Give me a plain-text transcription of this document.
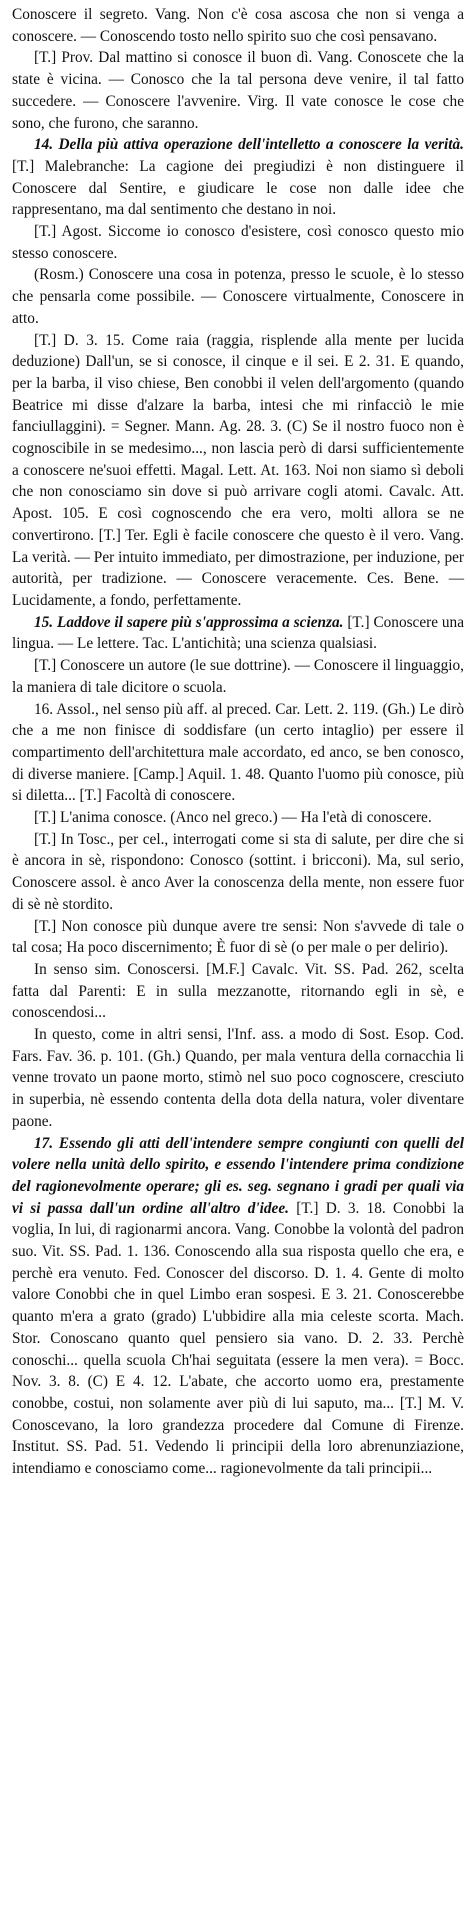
Conoscere il segreto. Vang. Non c'è cosa ascosa che non si venga a conoscere. — Conoscendo tosto nello spirito suo che così pensavano.

[T.] Prov. Dal mattino si conosce il buon dì. Vang. Conoscete che la state è vicina. — Conosco che la tal persona deve venire, il tal fatto succedere. — Conoscere l'avvenire. Virg. Il vate conosce le cose che sono, che furono, che saranno.

14. Della più attiva operazione dell'intelletto a conoscere la verità. [T.] Malebranche: La cagione dei pregiudizi è non distinguere il Conoscere dal Sentire, e giudicare le cose non dalle idee che rappresentano, ma dal sentimento che destano in noi.

[T.] Agost. Siccome io conosco d'esistere, così conosco questo mio stesso conoscere.

(Rosm.) Conoscere una cosa in potenza, presso le scuole, è lo stesso che pensarla come possibile. — Conoscere virtualmente, Conoscere in atto.

[T.] D. 3. 15. Come raia (raggia, risplende alla mente per lucida deduzione) Dall'un, se si conosce, il cinque e il sei. E 2. 31. E quando, per la barba, il viso chiese, Ben conobbi il velen dell'argomento (quando Beatrice mi disse d'alzare la barba, intesi che mi rinfacciò le mie fanciullaggini). = Segner. Mann. Ag. 28. 3. (C) Se il nostro fuoco non è cognoscibile in se medesimo..., non lascia però di darsi sufficientemente a conoscere ne'suoi effetti. Magal. Lett. At. 163. Noi non siamo sì deboli che non conosciamo sin dove si può arrivare cogli atomi. Cavalc. Att. Apost. 105. E così cognoscendo che era vero, molti allora se ne convertirono. [T.] Ter. Egli è facile conoscere che questo è il vero. Vang. La verità. — Per intuito immediato, per dimostrazione, per induzione, per autorità, per tradizione. — Conoscere veracemente. Ces. Bene. — Lucidamente, a fondo, perfettamente.

15. Laddove il sapere più s'approssima a scienza. [T.] Conoscere una lingua. — Le lettere. Tac. L'antichità; una scienza qualsiasi.

[T.] Conoscere un autore (le sue dottrine). — Conoscere il linguaggio, la maniera di tale dicitore o scuola.

16. Assol., nel senso più aff. al preced. Car. Lett. 2. 119. (Gh.) Le dirò che a me non finisce di soddisfare (un certo intaglio) per essere il compartimento dell'architettura male accordato, ed anco, se ben conosco, di diverse maniere. [Camp.] Aquil. 1. 48. Quanto l'uomo più conosce, più si diletta... [T.] Facoltà di conoscere.

[T.] L'anima conosce. (Anco nel greco.) — Ha l'età di conoscere.

[T.] In Tosc., per cel., interrogati come si sta di salute, per dire che si è ancora in sè, rispondono: Conosco (sottint. i bricconi). Ma, sul serio, Conoscere assol. è anco Aver la conoscenza della mente, non essere fuor di sè nè stordito.

[T.] Non conosce più dunque avere tre sensi: Non s'avvede di tale o tal cosa; Ha poco discernimento; È fuor di sè (o per male o per delirio).

In senso sim. Conoscersi. [M.F.] Cavalc. Vit. SS. Pad. 262, scelta fatta dal Parenti: E in sulla mezzanotte, ritornando egli in sè, e conoscendosi...

In questo, come in altri sensi, l'Inf. ass. a modo di Sost. Esop. Cod. Fars. Fav. 36. p. 101. (Gh.) Quando, per mala ventura della cornacchia li venne trovato un paone morto, stimò nel suo poco cognoscere, cresciuto in superbia, nè essendo contenta della dota della natura, voler diventare paone.

17. Essendo gli atti dell'intendere sempre congiunti con quelli del volere nella unità dello spirito, e essendo l'intendere prima condizione del ragionevolmente operare; gli es. seg. segnano i gradi per quali via vi si passa dall'un ordine all'altro d'idee. [T.] D. 3. 18. Conobbi la voglia, In lui, di ragionarmi ancora. Vang. Conobbe la volontà del padron suo. Vit. SS. Pad. 1. 136. Conoscendo alla sua risposta quello che era, e perchè era venuto. Fed. Conoscer del discorso. D. 1. 4. Gente di molto valore Conobbi che in quel Limbo eran sospesi. E 3. 21. Conoscerebbe quanto m'era a grato (grado) L'ubbidire alla mia celeste scorta. Mach. Stor. Conoscano quanto quel pensiero sia vano. D. 2. 33. Perchè conoschi... quella scuola Ch'hai seguitata (essere la men vera). = Bocc. Nov. 3. 8. (C) E 4. 12. L'abate, che accorto uomo era, prestamente conobbe, costui, non solamente aver più di lui saputo, ma... [T.] M. V. Conoscevano, la loro grandezza procedere dal Comune di Firenze. Institut. SS. Pad. 51. Vedendo li principii della loro abrenunziazione, intendiamo e conosciamo come... ragionevolmente da tali principii...
